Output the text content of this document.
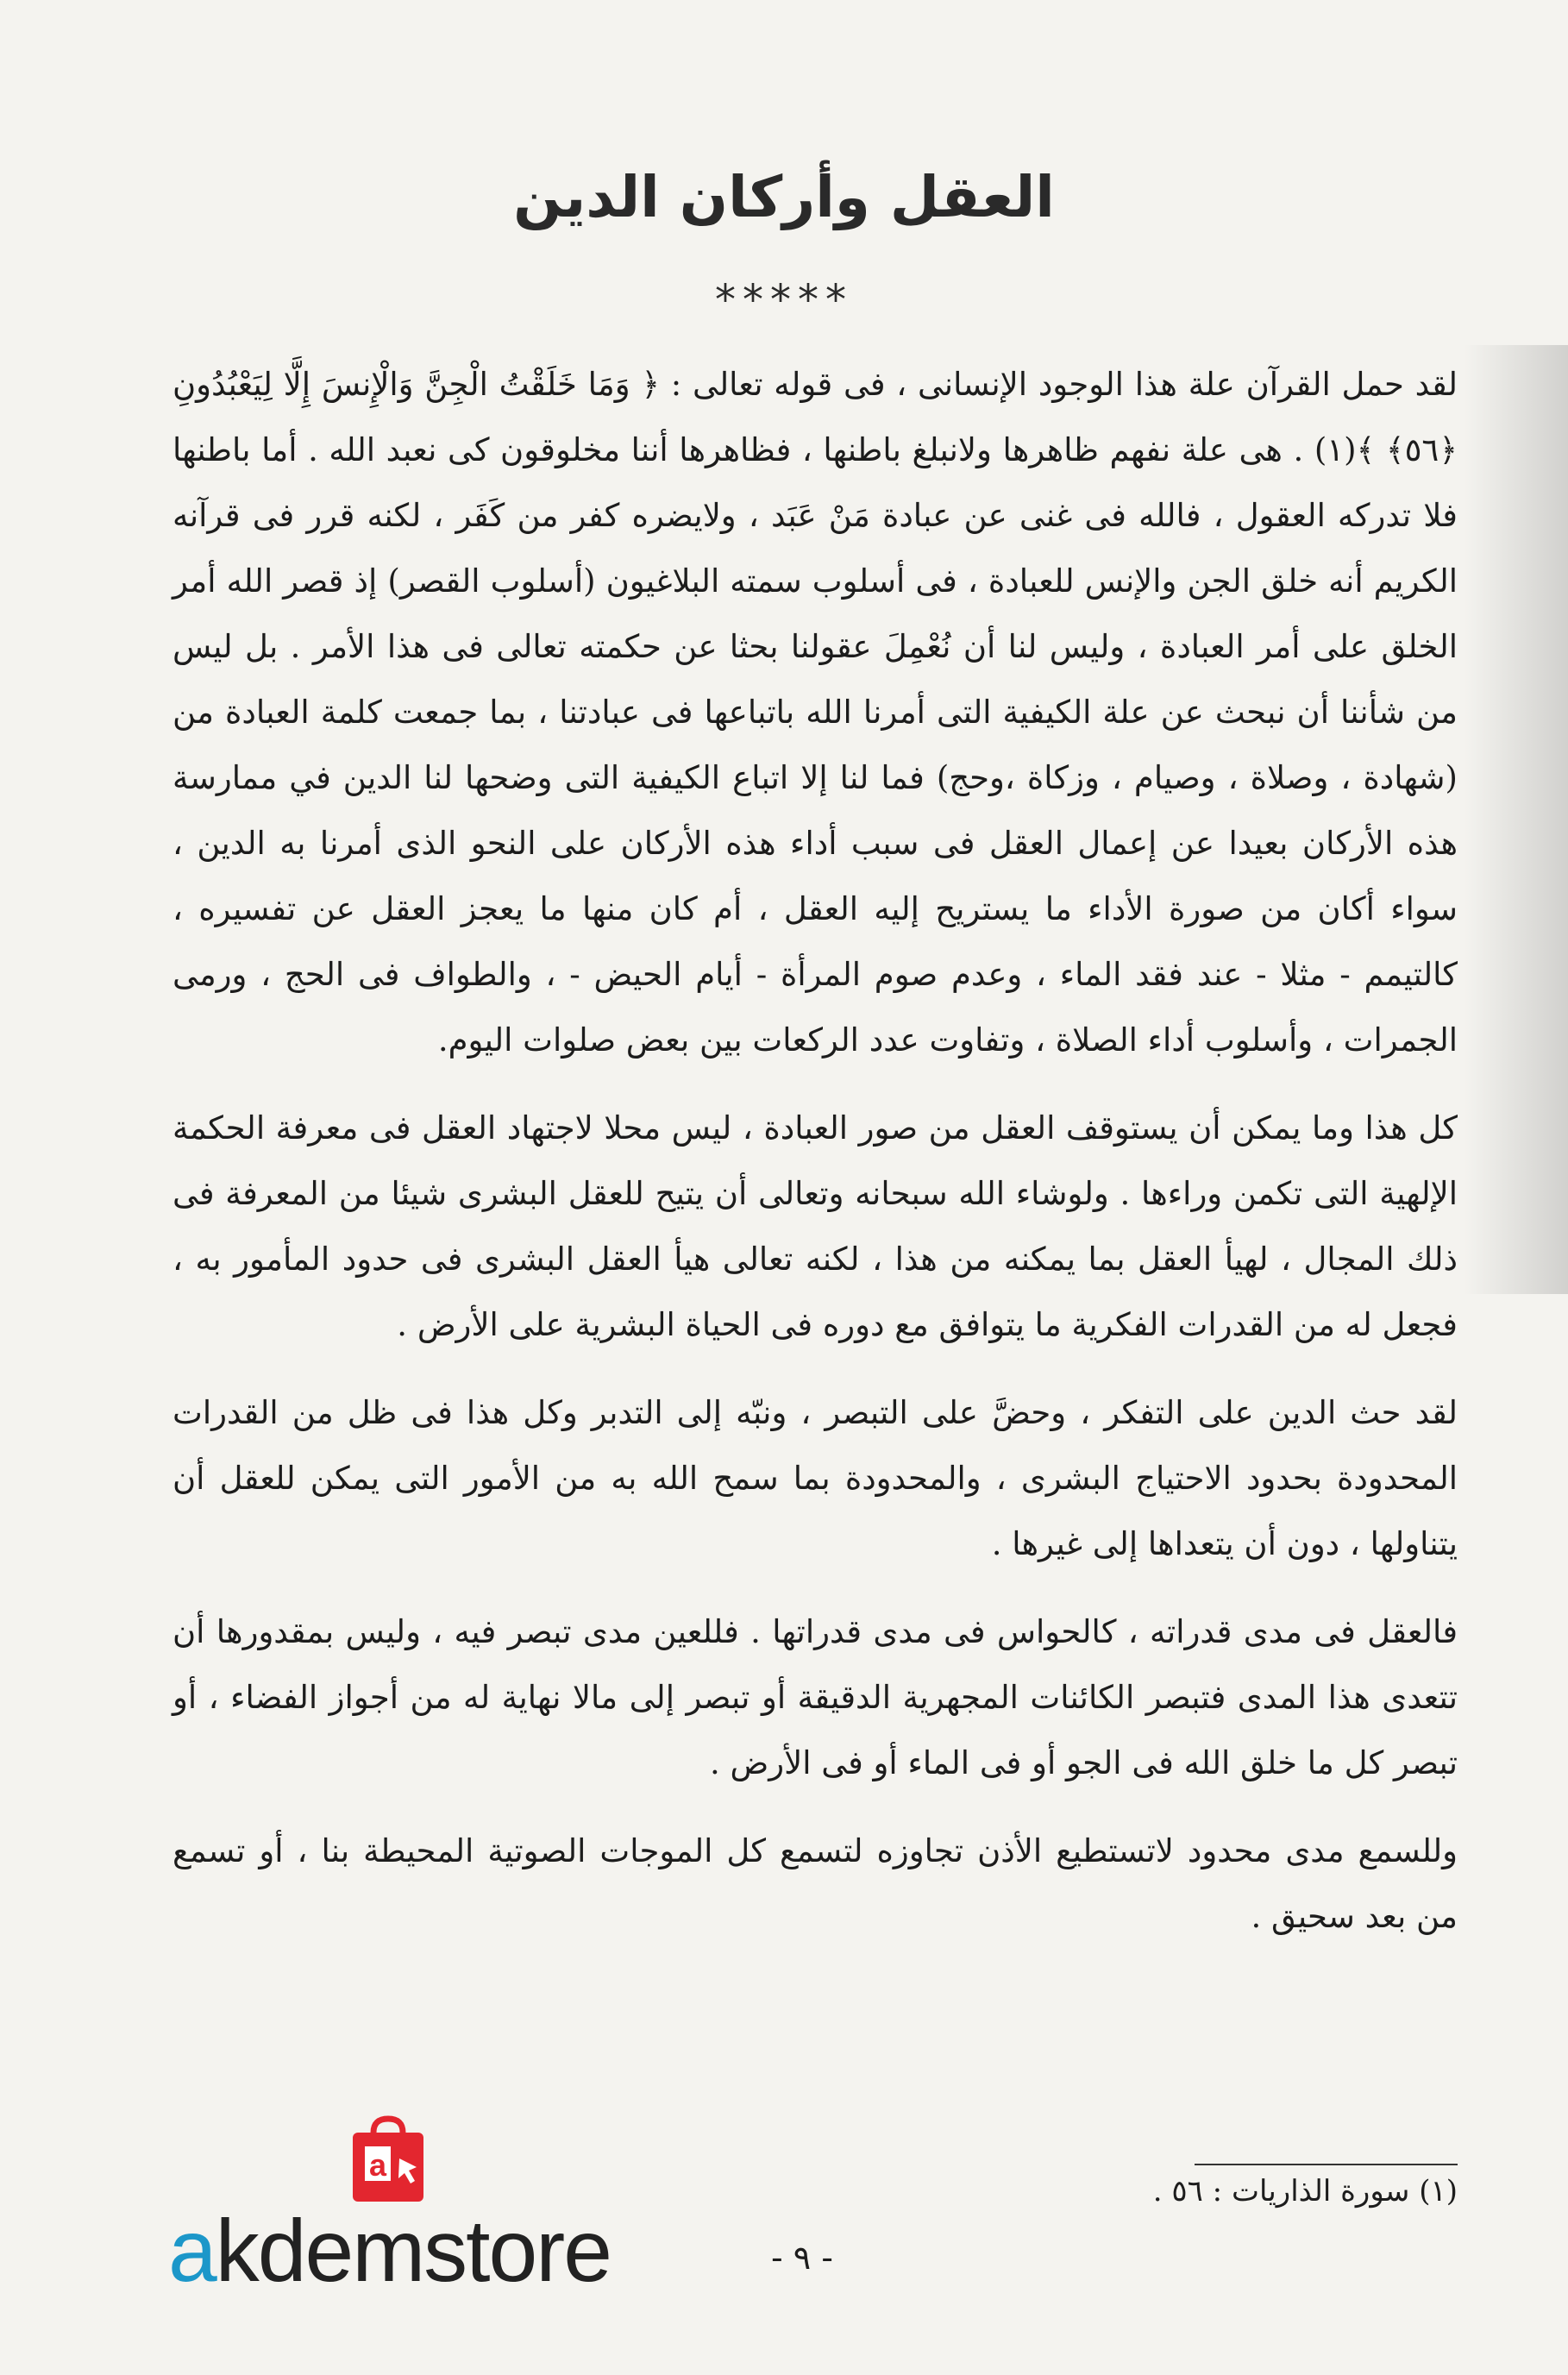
العقل وأركان الدين
*****

لقد حمل القرآن علة هذا الوجود الإنسانى ، فى قوله تعالى : ﴿ وَمَا خَلَقْتُ الْجِنَّ وَالْإِنسَ إِلَّا لِيَعْبُدُونِ ﴿٥٦﴾ ﴾(١) . هى علة نفهم ظاهرها ولانبلغ باطنها ، فظاهرها أننا مخلوقون كى نعبد الله . أما باطنها فلا تدركه العقول ، فالله فى غنى عن عبادة مَنْ عَبَد ، ولايضره كفر من كَفَر ، لكنه قرر فى قرآنه الكريم أنه خلق الجن والإنس للعبادة ، فى أسلوب سمته البلاغيون (أسلوب القصر) إذ قصر الله أمر الخلق على أمر العبادة ، وليس لنا أن نُعْمِلَ عقولنا بحثا عن حكمته تعالى فى هذا الأمر . بل ليس من شأننا أن نبحث عن علة الكيفية التى أمرنا الله باتباعها فى عبادتنا ، بما جمعت كلمة العبادة من (شهادة ، وصلاة ، وصيام ، وزكاة ،وحج) فما لنا إلا اتباع الكيفية التى وضحها لنا الدين في ممارسة هذه الأركان بعيدا عن إعمال العقل فى سبب أداء هذه الأركان على النحو الذى أمرنا به الدين ، سواء أكان من صورة الأداء ما يستريح إليه العقل ، أم كان منها ما يعجز العقل عن تفسيره ، كالتيمم - مثلا - عند فقد الماء ، وعدم صوم المرأة - أيام الحيض - ، والطواف فى الحج ، ورمى الجمرات ، وأسلوب أداء الصلاة ، وتفاوت عدد الركعات بين بعض صلوات اليوم.

كل هذا وما يمكن أن يستوقف العقل من صور العبادة ، ليس محلا لاجتهاد العقل فى معرفة الحكمة الإلهية التى تكمن وراءها . ولوشاء الله سبحانه وتعالى أن يتيح للعقل البشرى شيئا من المعرفة فى ذلك المجال ، لهيأ العقل بما يمكنه من هذا ، لكنه تعالى هيأ العقل البشرى فى حدود المأمور به ، فجعل له من القدرات الفكرية ما يتوافق مع دوره فى الحياة البشرية على الأرض .

لقد حث الدين على التفكر ، وحضَّ على التبصر ، ونبّه إلى التدبر وكل هذا فى ظل من القدرات المحدودة بحدود الاحتياج البشرى ، والمحدودة بما سمح الله به من الأمور التى يمكن للعقل أن يتناولها ، دون أن يتعداها إلى غيرها .

فالعقل فى مدى قدراته ، كالحواس فى مدى قدراتها . فللعين مدى تبصر فيه ، وليس بمقدورها أن تتعدى هذا المدى فتبصر الكائنات المجهرية الدقيقة أو تبصر إلى مالا نهاية له من أجواز الفضاء ، أو تبصر كل ما خلق الله فى الجو أو فى الماء أو فى الأرض .

وللسمع مدى محدود لاتستطيع الأذن تجاوزه لتسمع كل الموجات الصوتية المحيطة بنا ، أو تسمع من بعد سحيق .

(١) سورة الذاريات : ٥٦ .
- ٩ -
a
akdemstore
